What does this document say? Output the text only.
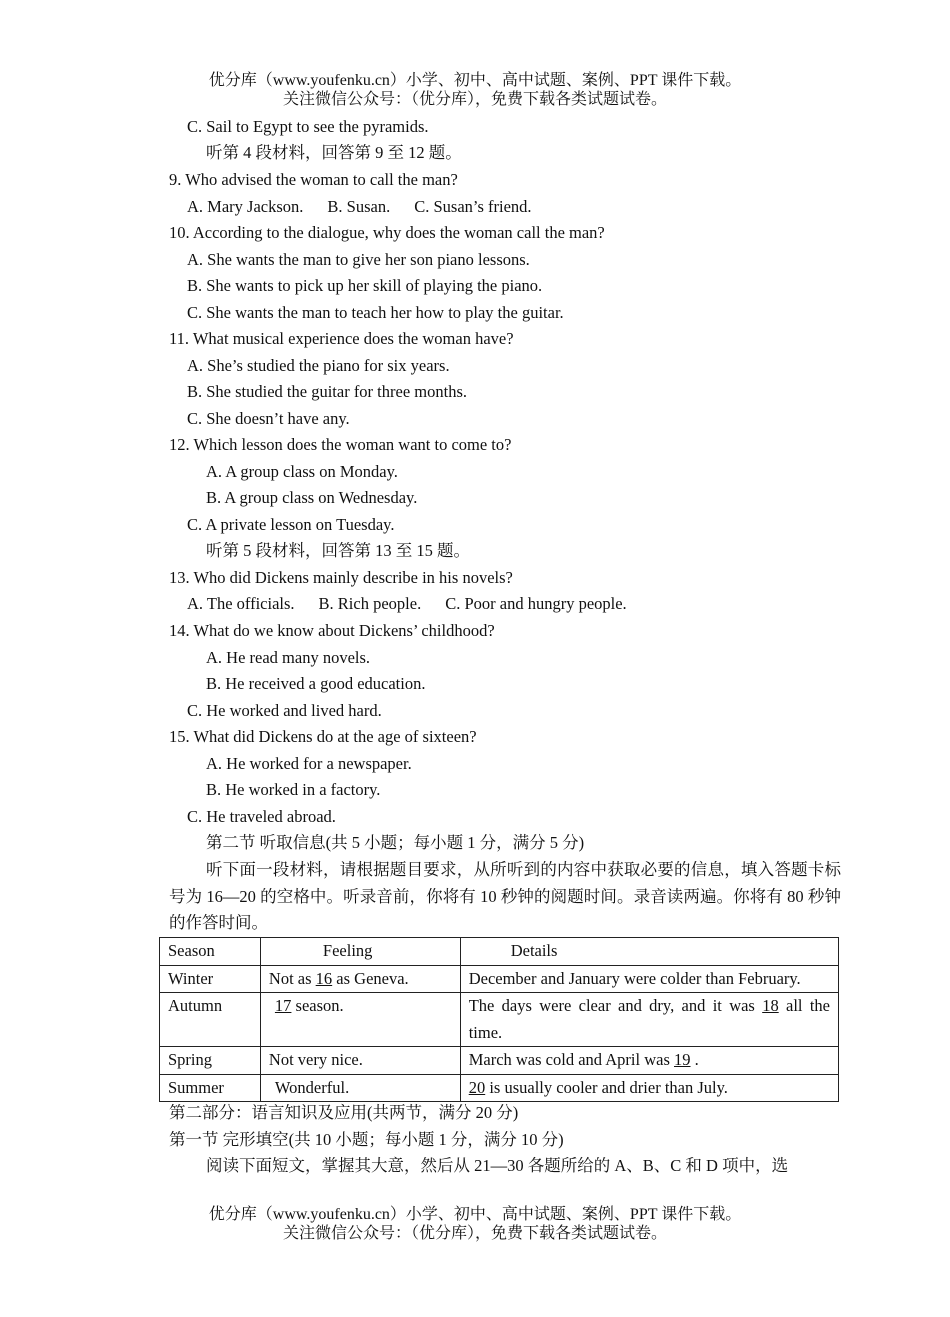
优分库（www.youfenku.cn）小学、初中、高中试题、案例、PPT 课件下载。
关注微信公众号：（优分库），免费下载各类试题试卷。
C. Sail to Egypt to see the pyramids.
听第 4 段材料，回答第 9 至 12 题。
9. Who advised the woman to call the man?
A. Mary Jackson. B. Susan. C. Susan’s friend.
10. According to the dialogue, why does the woman call the man?
A. She wants the man to give her son piano lessons.
B. She wants to pick up her skill of playing the piano.
C. She wants the man to teach her how to play the guitar.
11. What musical experience does the woman have?
A. She’s studied the piano for six years.
B. She studied the guitar for three months.
C. She doesn’t have any.
12. Which lesson does the woman want to come to?
A. A group class on Monday.
B. A group class on Wednesday.
C. A private lesson on Tuesday.
听第 5 段材料，回答第 13 至 15 题。
13. Who did Dickens mainly describe in his novels?
A. The officials. B. Rich people. C. Poor and hungry people.
14. What do we know about Dickens’ childhood?
A. He read many novels.
B. He received a good education.
C. He worked and lived hard.
15. What did Dickens do at the age of sixteen?
A. He worked for a newspaper.
B. He worked in a factory.
C. He traveled abroad.
第二节 听取信息(共 5 小题；每小题 1 分，满分 5 分)
听下面一段材料，请根据题目要求，从所听到的内容中获取必要的信息，填入答题卡标号为 16—20 的空格中。听录音前，你将有 10 秒钟的阅题时间。录音读两遍。你将有 80 秒钟的作答时间。
Season	Feeling	Details
Winter	Not as 16 as Geneva.	December and January were colder than February.
Autumn	17 season.	The days were clear and dry, and it was 18 all the time.
Spring	Not very nice.	March was cold and April was 19 .
Summer	Wonderful.	20 is usually cooler and drier than July.
第二部分：语言知识及应用(共两节，满分 20 分)
第一节 完形填空(共 10 小题；每小题 1 分，满分 10 分)
阅读下面短文，掌握其大意，然后从 21—30 各题所给的 A、B、C 和 D 项中，选
优分库（www.youfenku.cn）小学、初中、高中试题、案例、PPT 课件下载。
关注微信公众号：（优分库），免费下载各类试题试卷。
